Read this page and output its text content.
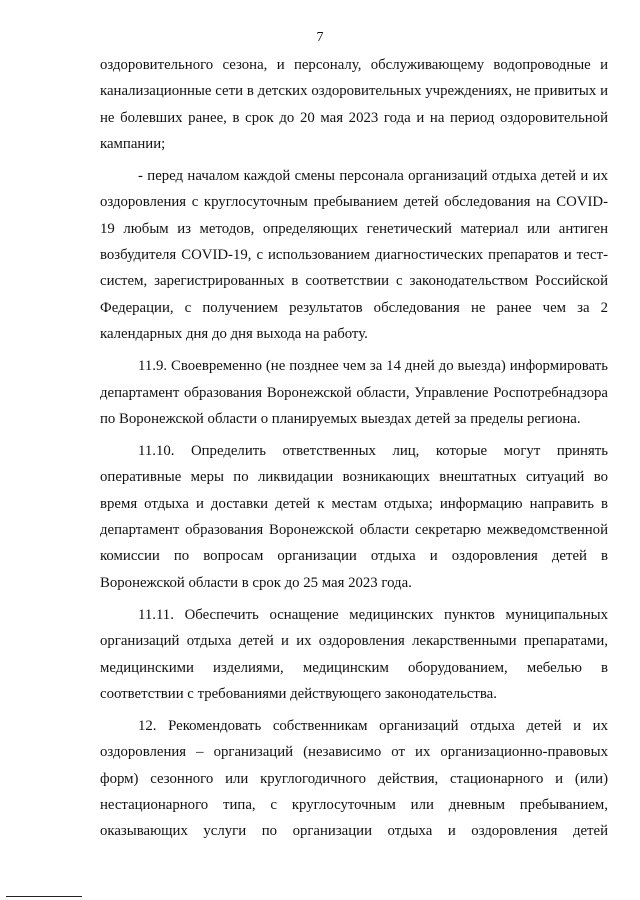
7

оздоровительного сезона, и персоналу, обслуживающему водопроводные и канализационные сети в детских оздоровительных учреждениях, не привитых и не болевших ранее, в срок до 20 мая 2023 года и на период оздоровительной кампании;

- перед началом каждой смены персонала организаций отдыха детей и их оздоровления с круглосуточным пребыванием детей обследования на COVID-19 любым из методов, определяющих генетический материал или антиген возбудителя COVID-19, с использованием диагностических препаратов и тест-систем, зарегистрированных в соответствии с законодательством Российской Федерации, с получением результатов обследования не ранее чем за 2 календарных дня до дня выхода на работу.

11.9. Своевременно (не позднее чем за 14 дней до выезда) информировать департамент образования Воронежской области, Управление Роспотребнадзора по Воронежской области о планируемых выездах детей за пределы региона.

11.10. Определить ответственных лиц, которые могут принять оперативные меры по ликвидации возникающих внештатных ситуаций во время отдыха и доставки детей к местам отдыха; информацию направить в департамент образования Воронежской области секретарю межведомственной комиссии по вопросам организации отдыха и оздоровления детей в Воронежской области в срок до 25 мая 2023 года.

11.11. Обеспечить оснащение медицинских пунктов муниципальных организаций отдыха детей и их оздоровления лекарственными препаратами, медицинскими изделиями, медицинским оборудованием, мебелью в соответствии с требованиями действующего законодательства.

12. Рекомендовать собственникам организаций отдыха детей и их оздоровления – организаций (независимо от их организационно-правовых форм) сезонного или круглогодичного действия, стационарного и (или) нестационарного типа, с круглосуточным или дневным пребыванием, оказывающих услуги по организации отдыха и оздоровления детей
